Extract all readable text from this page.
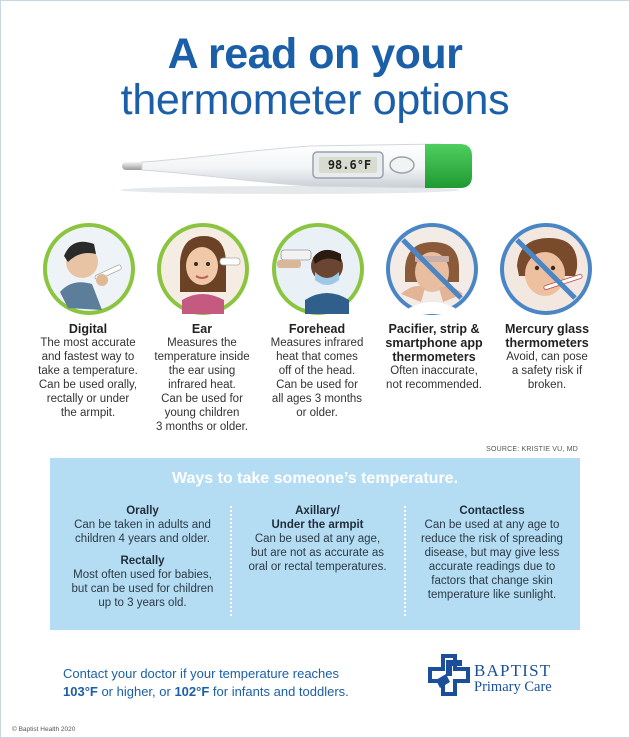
A read on your
thermometer options
98.6°F
Digital
The most accurate
and fastest way to
take a temperature.
Can be used orally,
rectally or under
the armpit.
Ear
Measures the
temperature inside
the ear using
infrared heat.
Can be used for
young children
3 months or older.
Forehead
Measures infrared
heat that comes
off of the head.
Can be used for
all ages 3 months
or older.
Pacifier, strip &
smartphone app
thermometers
Often inaccurate,
not recommended.
Mercury glass
thermometers
Avoid, can pose
a safety risk if
broken.
SOURCE: KRISTIE VU, MD
Ways to take someone’s temperature.
Orally
Can be taken in adults and
children 4 years and older.
Rectally
Most often used for babies,
but can be used for children
up to 3 years old.
Axillary/
Under the armpit
Can be used at any age,
but are not as accurate as
oral or rectal temperatures.
Contactless
Can be used at any age to
reduce the risk of spreading
disease, but may give less
accurate readings due to
factors that change skin
temperature like sunlight.
Contact your doctor if your temperature reaches
103°F or higher, or 102°F for infants and toddlers.
BAPTIST
Primary Care
© Baptist Health 2020
